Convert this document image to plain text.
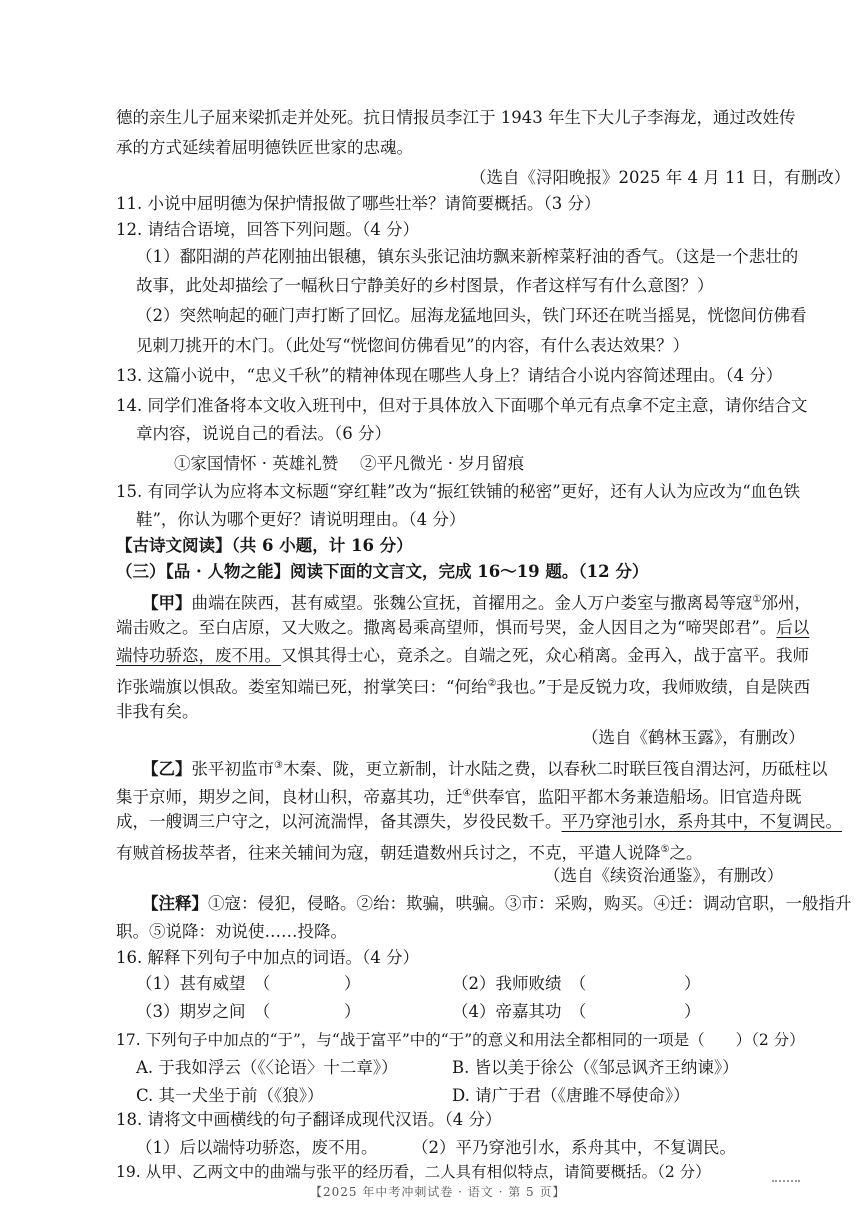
德的亲生儿子屈来梁抓走并处死。抗日情报员李江于 1943 年生下大儿子李海龙，通过改姓传
承的方式延续着屈明德铁匠世家的忠魂。
（选自《浔阳晚报》2025 年 4 月 11 日，有删改）
11. 小说中屈明德为保护情报做了哪些壮举？请简要概括。（3 分）
12. 请结合语境，回答下列问题。（4 分）
（1）鄱阳湖的芦花刚抽出银穗，镇东头张记油坊飘来新榨菜籽油的香气。（这是一个悲壮的
故事，此处却描绘了一幅秋日宁静美好的乡村图景，作者这样写有什么意图？）
（2）突然响起的砸门声打断了回忆。屈海龙猛地回头，铁门环还在咣当摇晃，恍惚间仿佛看
见刺刀挑开的木门。（此处写“恍惚间仿佛看见”的内容，有什么表达效果？）
13. 这篇小说中，“忠义千秋”的精神体现在哪些人身上？请结合小说内容简述理由。（4 分）
14. 同学们准备将本文收入班刊中，但对于具体放入下面哪个单元有点拿不定主意，请你结合文
章内容，说说自己的看法。（6 分）
①家国情怀 · 英雄礼赞 ②平凡微光 · 岁月留痕
15. 有同学认为应将本文标题“穿红鞋”改为“振红铁铺的秘密”更好，还有人认为应改为“血色铁
鞋”，你认为哪个更好？请说明理由。（4 分）
【古诗文阅读】（共 6 小题，计 16 分）
（三）【品 · 人物之能】阅读下面的文言文，完成 16～19 题。（12 分）
【甲】曲端在陕西，甚有威望。张魏公宣抚，首擢用之。金人万户娄室与撒离曷等寇①邠州，
端击败之。至白店原，又大败之。撒离曷乘高望师，惧而号哭，金人因目之为“啼哭郎君”。后以
端恃功骄恣，废不用。又惧其得士心，竟杀之。自端之死，众心稍离。金再入，战于富平。我师
诈张端旗以惧敌。娄室知端已死，拊掌笑曰：“何绐②我也。”于是反锐力攻，我师败绩，自是陕西
非我有矣。
（选自《鹤林玉露》，有删改）
【乙】张平初监市③木秦、陇，更立新制，计水陆之费，以春秋二时联巨筏自渭达河，历砥柱以
集于京师，期岁之间，良材山积，帝嘉其功，迁④供奉官，监阳平都木务兼造船场。旧官造舟既
成，一艘调三户守之，以河流湍悍，备其漂失，岁役民数千。平乃穿池引水，系舟其中，不复调民。
有贼首杨拔萃者，往来关辅间为寇，朝廷遣数州兵讨之，不克，平遣人说降⑤之。
（选自《续资治通鉴》，有删改）
【注释】①寇：侵犯，侵略。②绐：欺骗，哄骗。③市：采购，购买。④迁：调动官职，一般指升
职。⑤说降：劝说使……投降。
16. 解释下列句子中加点的词语。（4 分）
（1）甚有威望　（	）	（2）我师败绩　（	）
（3）期岁之间　（	）	（4）帝嘉其功　（	）
17. 下列句子中加点的“于”，与“战于富平”中的“于”的意义和用法全都相同的一项是（　　）（2 分）
A. 于我如浮云（《〈论语〉十二章》）	B. 皆以美于徐公（《邹忌讽齐王纳谏》）
C. 其一犬坐于前（《狼》）	D. 请广于君（《唐雎不辱使命》）
18. 请将文中画横线的句子翻译成现代汉语。（4 分）
（1）后以端恃功骄恣，废不用。 （2）平乃穿池引水，系舟其中，不复调民。
19. 从甲、乙两文中的曲端与张平的经历看，二人具有相似特点，请简要概括。（2 分）
【2025 年中考冲刺试卷 · 语文 · 第 5 页】
